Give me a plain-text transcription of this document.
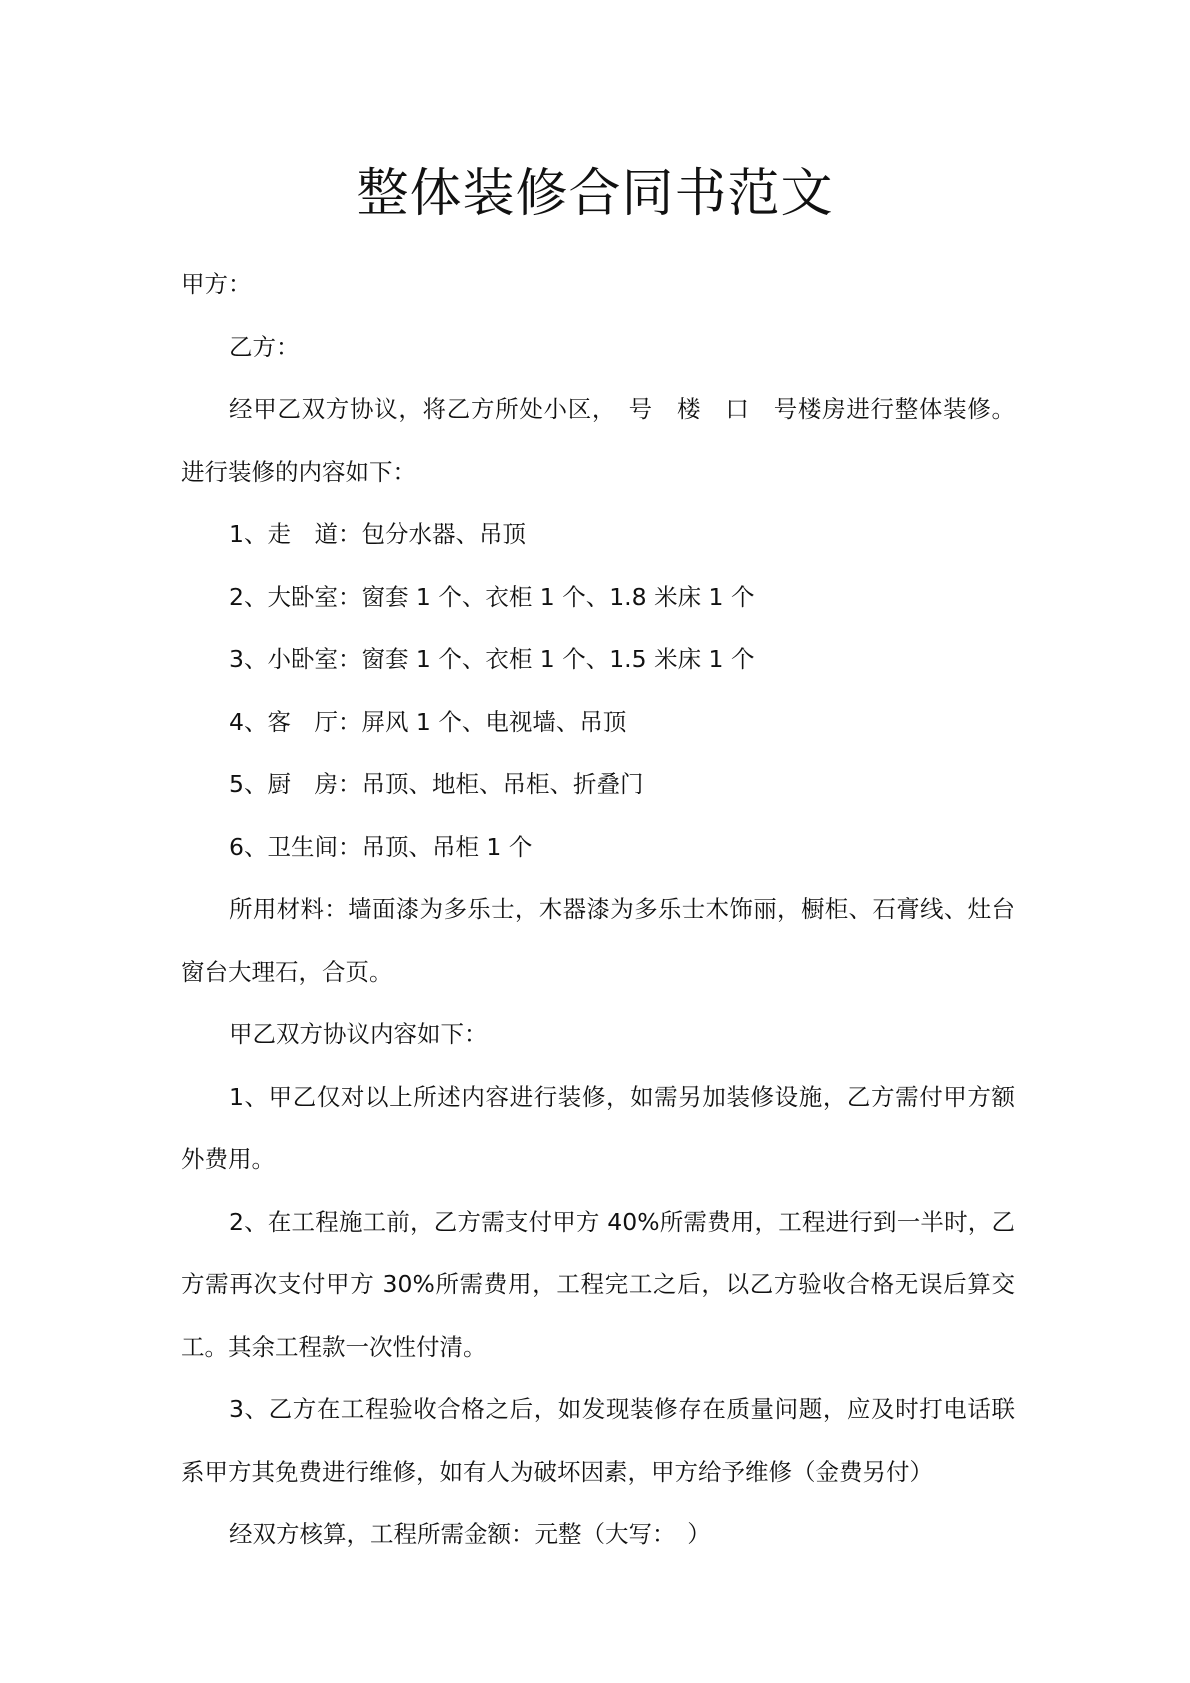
整体装修合同书范文

甲方：

乙方：

经甲乙双方协议，将乙方所处小区，　号　楼　口　号楼房进行整体装修。进行装修的内容如下：

1、走　道：包分水器、吊顶

2、大卧室：窗套 1 个、衣柜 1 个、1.8 米床 1 个

3、小卧室：窗套 1 个、衣柜 1 个、1.5 米床 1 个

4、客　厅：屏风 1 个、电视墙、吊顶

5、厨　房：吊顶、地柜、吊柜、折叠门

6、卫生间：吊顶、吊柜 1 个

所用材料：墙面漆为多乐士，木器漆为多乐士木饰丽，橱柜、石膏线、灶台窗台大理石，合页。

甲乙双方协议内容如下：

1、甲乙仅对以上所述内容进行装修，如需另加装修设施，乙方需付甲方额外费用。

2、在工程施工前，乙方需支付甲方 40%所需费用，工程进行到一半时，乙方需再次支付甲方 30%所需费用，工程完工之后，以乙方验收合格无误后算交工。其余工程款一次性付清。

3、乙方在工程验收合格之后，如发现装修存在质量问题，应及时打电话联系甲方其免费进行维修，如有人为破坏因素，甲方给予维修（金费另付）

经双方核算，工程所需金额：元整（大写：　）
